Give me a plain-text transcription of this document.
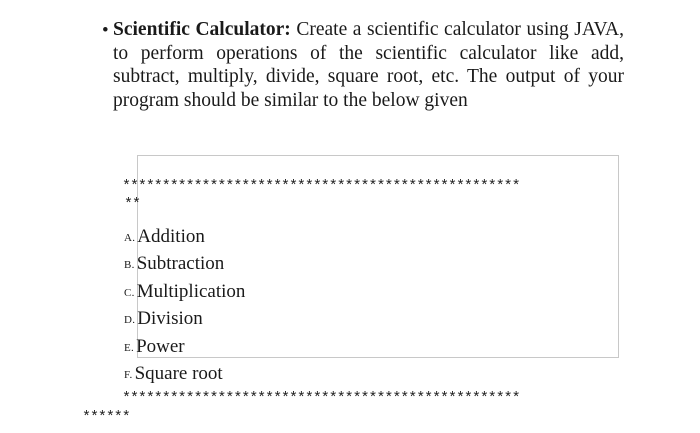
• Scientific Calculator: Create a scientific calculator using JAVA, to perform operations of the scientific calculator like add, subtract, multiply, divide, square root, etc. The output of your program should be similar to the below given
**************************************************
**
A. Addition
B. Subtraction
C. Multiplication
D. Division
E. Power
F. Square root
**************************************************
******
